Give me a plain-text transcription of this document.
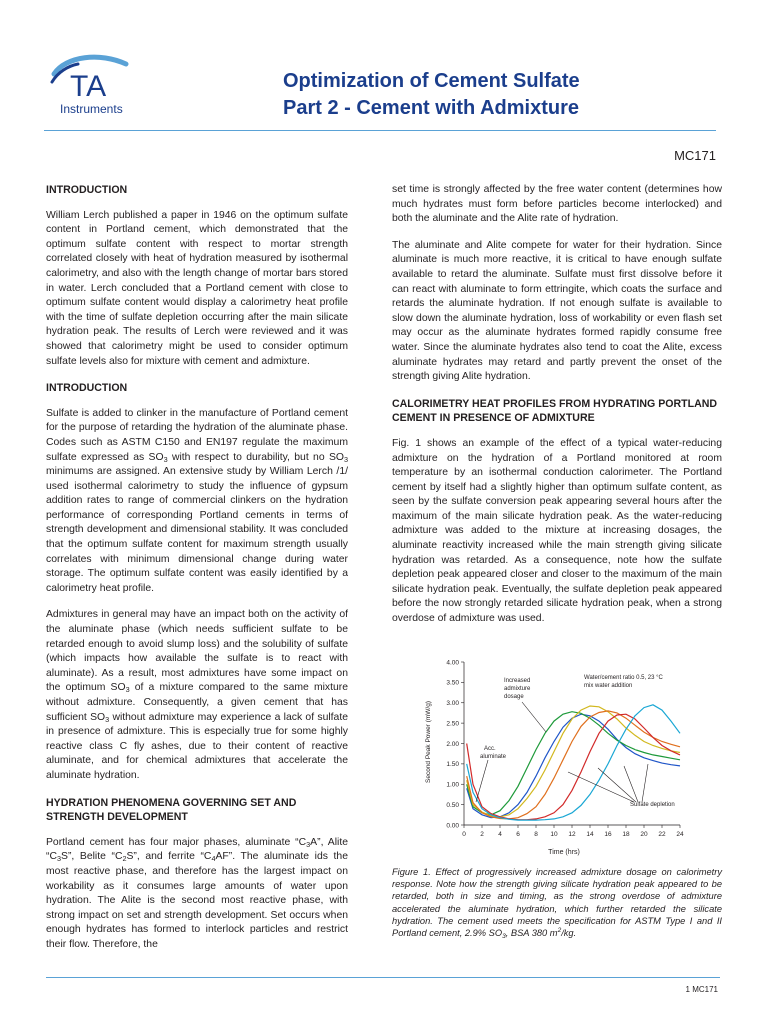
TA
Instruments
Optimization of Cement Sulfate
Part 2 - Cement with Admixture
MC171
INTRODUCTION

William Lerch published a paper in 1946 on the optimum sulfate content in Portland cement, which demonstrated that the optimum sulfate content with respect to mortar strength correlated closely with heat of hydration measured by isothermal calorimetry, and also with the length change of mortar bars stored in water. Lerch concluded that a Portland cement with close to optimum sulfate content would display a calorimetry heat profile with the time of sulfate depletion occurring after the main silicate hydration peak. The results of Lerch were reviewed and it was showed that calorimetry might be used to consider optimum sulfate levels also for mixture with cement and admixture.

INTRODUCTION

Sulfate is added to clinker in the manufacture of Portland cement for the purpose of retarding the hydration of the aluminate phase. Codes such as ASTM C150 and EN197 regulate the maximum sulfate expressed as $SO_3$ with respect to durability, but no $SO_3$ minimums are assigned. An extensive study by William Lerch /1/ used isothermal calorimetry to study the influence of gypsum addition rates to range of commercial clinkers on the hydration performance of corresponding Portland cements in terms of strength development and dimensional stability. It was concluded that the optimum sulfate content for maximum strength usually correlates with minimum dimensional change during water storage. The optimum sulfate content was easily identified by a calorimetry heat profile.

Admixtures in general may have an impact both on the activity of the aluminate phase (which needs sufficient sulfate to be retarded enough to avoid slump loss) and the solubility of sulfate (which impacts how available the sulfate is to react with aluminate). As a result, most admixtures have some impact on the optimum $SO_3$ of a mixture compared to the same mixture without admixture. Consequently, a given cement that has sufficient $SO_3$ without admixture may experience a lack of sulfate in presence of admixture. This is especially true for some highly reactive class C fly ashes, due to their content of reactive aluminate, and for chemical admixtures that accelerate the aluminate hydration.

HYDRATION PHENOMENA GOVERNING SET AND STRENGTH DEVELOPMENT

Portland cement has four major phases, aluminate “$C_3A$”, Alite “$C_3S$”, Belite “$C_2S$”, and ferrite “$C_4AF$”. The aluminate ids the most reactive phase, and therefore has the largest impact on workability as it consumes large amounts of water upon hydration. The Alite is the second most reactive phase, with strong impact on set and strength development. Set occurs when enough hydrates has formed to interlock particles and restrict their flow. Therefore, the

set time is strongly affected by the free water content (determines how much hydrates must form before particles become interlocked) and both the aluminate and the Alite rate of hydration.

The aluminate and Alite compete for water for their hydration. Since aluminate is much more reactive, it is critical to have enough sulfate available to retard the aluminate. Sulfate must first dissolve before it can react with aluminate to form ettringite, which coats the surface and retards the aluminate hydration. If not enough sulfate is available to slow down the aluminate hydration, loss of workability or even flash set may occur as the aluminate hydrates formed rapidly consume free water. Since the aluminate hydrates also tend to coat the Alite, excess aluminate hydrates may retard and partly prevent the onset of the strength giving Alite hydration.

CALORIMETRY HEAT PROFILES FROM HYDRATING PORTLAND CEMENT IN PRESENCE OF ADMIXTURE

Fig. 1 shows an example of the effect of a typical water-reducing admixture on the hydration of a Portland monitored at room temperature by an isothermal conduction calorimeter. The Portland cement by itself had a slightly higher than optimum sulfate content, as seen by the sulfate conversion peak appearing several hours after the maximum of the main silicate hydration peak. As the water-reducing admixture was added to the mixture at increasing dosages, the aluminate reactivity increased while the main strength giving silicate hydration was retarded. As a consequence, note how the sulfate depletion peak appeared closer and closer to the maximum of the main silicate hydration peak. Eventually, the sulfate depletion peak appeared before the now strongly retarded silicate hydration peak, when a strong overdose of admixture was used.

0.00
0.50
1.00
1.50
2.00
2.50
3.00
3.50
4.00
0 2 4 6 8 10 12 14 16 18 20 22 24
Increased
admixture
dosage
Water/cement ratio 0.5, 23 °C
mix water addition
Acc.
aluminate
Sulfate depletion
Time (hrs)
Second Peak Power (mW/g)
Figure 1. Effect of progressively increased admixture dosage on calorimetry response. Note how the strength giving silicate hydration peak appeared to be retarded, both in size and timing, as the strong overdose of admixture accelerated the aluminate hydration, which further retarded the silicate hydration. The cement used meets the specification for ASTM Type I and II Portland cement, 2.9% $SO_3$, BSA 380 $m^2/kg$.
1 MC171
